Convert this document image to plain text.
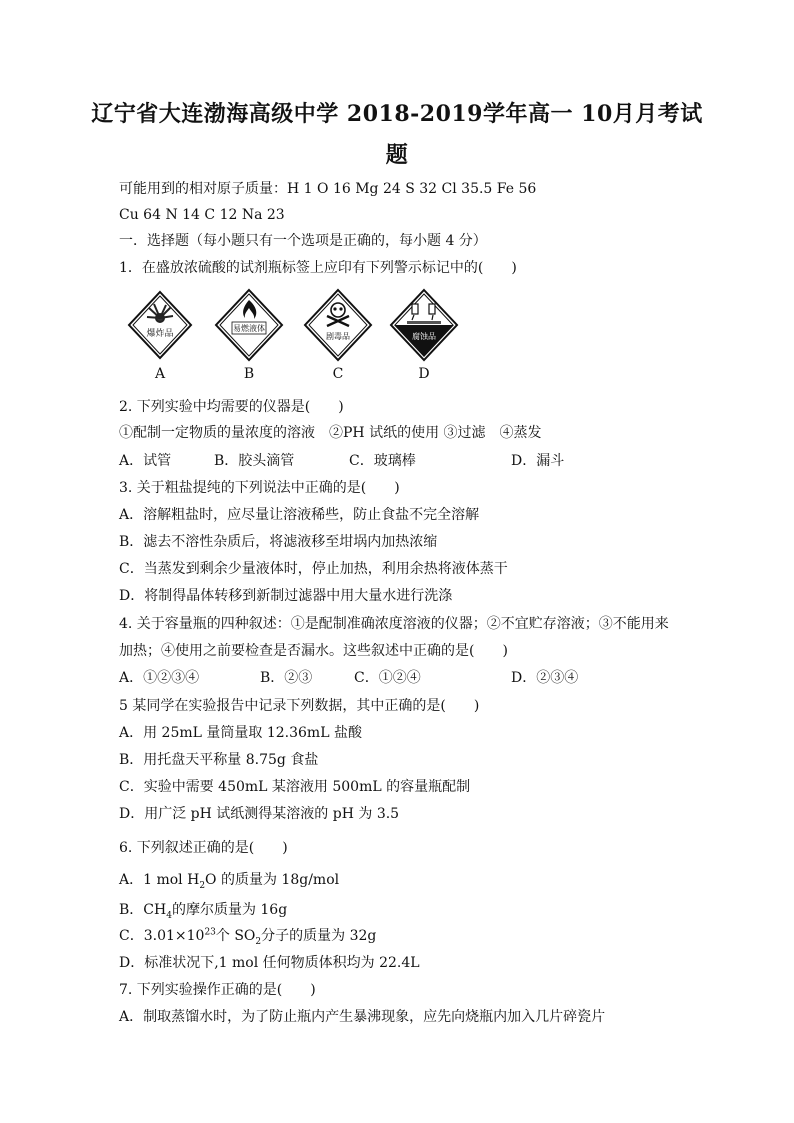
辽宁省大连渤海高级中学 2018-2019学年高一 10月月考试
题
可能用到的相对原子质量：H 1 O 16 Mg 24 S 32 Cl 35.5 Fe 56
Cu 64 N 14 C 12 Na 23
一．选择题（每小题只有一个选项是正确的，每小题 4 分）
1．在盛放浓硫酸的试剂瓶标签上应印有下列警示标记中的(　　)
爆炸品
A
易燃液体
B
剧毒品
C
腐蚀品
D
2. 下列实验中均需要的仪器是(　　)
①配制一定物质的量浓度的溶液　②PH 试纸的使用 ③过滤　④蒸发
A．试管	B．胶头滴管	C．玻璃棒	D．漏斗
3. 关于粗盐提纯的下列说法中正确的是(　　)
A．溶解粗盐时，应尽量让溶液稀些，防止食盐不完全溶解
B．滤去不溶性杂质后，将滤液移至坩埚内加热浓缩
C．当蒸发到剩余少量液体时，停止加热，利用余热将液体蒸干
D．将制得晶体转移到新制过滤器中用大量水进行洗涤
4. 关于容量瓶的四种叙述：①是配制准确浓度溶液的仪器；②不宜贮存溶液；③不能用来
加热；④使用之前要检查是否漏水。这些叙述中正确的是(　　)
A．①②③④	B．②③	C．①②④	D．②③④
5 某同学在实验报告中记录下列数据，其中正确的是(　　)
A．用 25mL 量筒量取 12.36mL 盐酸
B．用托盘天平称量 8.75g 食盐
C．实验中需要 450mL 某溶液用 500mL 的容量瓶配制
D．用广泛 pH 试纸测得某溶液的 pH 为 3.5
6. 下列叙述正确的是(　　)
A．1 mol $H_2O$ 的质量为 18g/mol
B．$CH_4$的摩尔质量为 16g
C．$3.01\times 10^{23}$个 $SO_2$分子的质量为 32g
D．标准状况下,1 mol 任何物质体积均为 22.4L
7. 下列实验操作正确的是(　　)
A．制取蒸馏水时，为了防止瓶内产生暴沸现象，应先向烧瓶内加入几片碎瓷片
